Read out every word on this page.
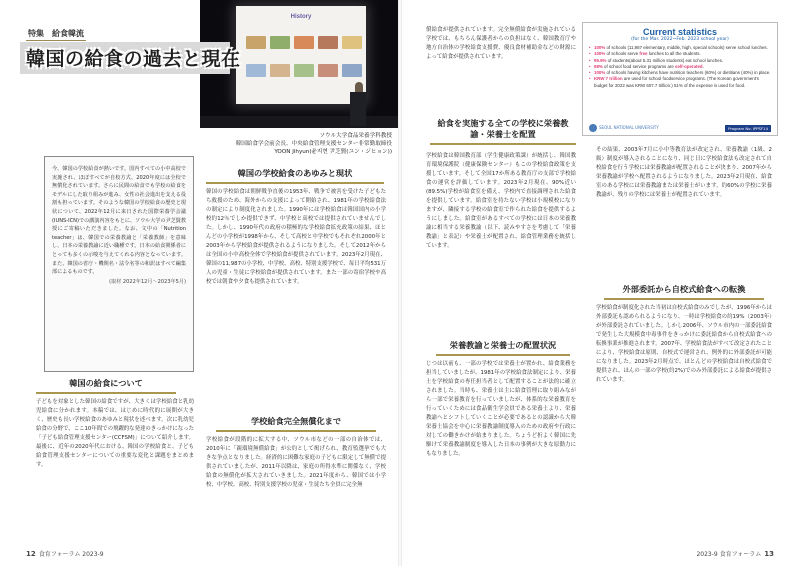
特集　給食韓流
韓国の給食の過去と現在
History
ソウル大学食品栄養学科教授
韓国給食学会前会長、中央給食管理支援センター非常勤取締役
YOON Jihyun(윤지현 尹芝賢(ユン・ジヒョン))
今、韓国の学校給食が熱いです。国内すべての小中高校で実施され、ほぼすべてが自校方式、2020年度には全校で無償化されています。さらに民間の給食でも学校の給食をモデルにした取り組みが進み、女性の社会進出を支える役割も担っています。そのような韓国の学校給食の歴史と現状について、2022年12月に来日された国際栄養学会議(IUNS-ICN)での講演内容をもとに、ソウル大学の尹芝賢教授にご寄稿いただきました。なお、文中の「Nutrition teacher」は、韓国での栄養教諭と「栄養教師」を意味し、日本の栄養教諭に近い職種です。日本の給食関係者にとっても多くの示唆を与えてくれる内容となっています。また、韓国の省庁・機関名・法令名等の和訳はすべて編集部によるものです。
(取材 2022年12月〜2023年5月)
韓国の給食について
子どもを対象とした韓国の給食ですが、大きくは学校給食と乳幼児給食に分かれます。本稿では、はじめに時代的に展開が大きく、歴史も長い学校給食のあゆみと現状を述べます。次に乳幼児給食の分野で、ここ10年間での飛躍的な発達のきっかけになった「子ども給食管理支援センター(CCFSM)」について紹介します。最後に、近年の2020年代における、韓国の学校給食と、子ども給食管理支援センターについての重要な変化と課題をまとめます。
韓国の学校給食のあゆみと現状
韓国の学校給食は朝鮮戦争直後の1953年、戦争で被害を受けた子どもたち救援のため、海外からの支援によって開始され、1981年の学校給食法の制定により制度化されました。1990年には学校給食は韓国国内の小学校約12％でしか提供できず、中学校と高校では提供されていませんでした。しかし、1990年代の政府の積極的な学校給食拡充政策の結果、ほとんどの小学校が1998年から、そして高校と中学校でもそれぞれ2000年と2003年から学校給食が提供されるようになりました。そして2012年からは全国の小中高校全体で学校給食が提供されています。2023年2月現在、韓国の11,987の小学校、中学校、高校、特別支援学校で、毎日平均531万人の児童・生徒に学校給食が提供されています。また一部の寄宿学校や高校では朝食や夕食も提供されています。
学校給食完全無償化まで
学校給食が段階的に拡大する中、ソウル市などの一部の自治体では、2010年に「親環境無償給食」が公約として掲げられ、教育監選挙でも大きな争点となりました。経済的に困難な家庭の子どもに限定して無償で提供されていましたが、2011年以降は、家庭の所得水準に関係なく、学校給食の無償化が拡大されていきました。2021年度から、韓国では小学校、中学校、高校、特別支援学校の児童・生徒たち全員に完全無
12 食育フォーラム 2023-9
償給食が提供されています。完全無償給食が実施されている学校では、もちろん保護者からの負担はなく、韓国教育庁や地方自治体の学校給食支援費、優良食材補助金などの財源によって給食が提供されています。
Current statistics
(for the Mar. 2022~Feb. 2023 school year)
• 100% of schools (11,987 elementary, middle, high, special schools) serve school lunches.
• 100% of schools serve free lunches to all the students.
• 99.9% of students(about 5.31 million students) eat school lunches.
• 98% of school food service programs are self-operated.
• 100% of schools having kitchens have nutrition teachers (60%) or dietitians (40%) in place.
• KRW 7 trillion are used for school foodservice programs. (The Korean government's budget for 2022 was KRW 607.7 trillion.) 51% of the expense is used for food.
SEOUL NATIONAL UNIVERSITY	Program No. IPPSF14
給食を実施する全ての学校に栄養教諭・栄養士を配置
学校給食は韓国教育部（学生健康政策課）が統括し、韓国教育環境保護院（健康保険センター）もこの学校給食政策を支援しています。そして全国17か所ある教育庁の支部で学校給食の運営を評価しています。2023年2月現在、90%近い(89.5%)学校が給食室を備え、学校内で直接調理された給食を提供しています。給食室を持たない学校は小規模校になりますが、隣接する学校の給食室で作られた給食を提供するようにしました。給食室があるすべての学校には日本の栄養教諭に相当する栄養教諭（以下、読みやすさを考慮して「栄養教諭」と表記）や栄養士が配置され、給食管理業務を統括しています。
栄養教諭と栄養士の配置状況
じつは以前も、一部の学校では栄養士が置かれ、給食業務を担当していましたが、1981年の学校給食法制定により、栄養士を学校給食の専任担当者として配置することが法的に確立されました。当時も、栄養士は主に給食管理に取り組みながら一部で栄養教育を行っていましたが、体系的な栄養教育を行っていくためには食品衛生学会員である栄養士より、栄養教諭へとシフトしていくことが必要であるとの認識から大韓栄養士協会を中心に栄養教諭制度導入のための政府や行政に対しての働きかけが始まりました。ちょうど折よく韓国に先駆けて栄養教諭制度を導入した日本の事例が大きな原動力にもなりました。
その結果、2003年7月に小中等教育法が改定され、栄養教諭（1級、2級）制度が導入されることになり、同じ日に学校給食法も改定されて自校給食を行う学校には栄養教諭が配置されることが決まり、2007年から栄養教諭が学校へ配置されるようになりました。2023年2月現在、給食室のある学校には栄養教諭または栄養士がいます。約60%の学校に栄養教諭が、残りの学校には栄養士が配置されています。
外部委託から自校式給食への転換
学校給食が制度化された当初は自校式給食のみでしたが、1996年からは外部委託も認められるようになり、一時は学校給食の約19%（2003年）が外部委託されていました。しかし2006年、ソウル市内の一部委託給食で発生した大規模食中毒事件をきっかけに委託給食から自校式給食への転換事業が推進されます。2007年、学校給食法がすべて改定されたことにより、学校給食は原則、自校式で運営され、例外的に外部委託が可能になりました。2023年2月時点で、ほとんどの学校給食は自校式給食で提供され、ほんの一部の学校(約2%)でのみ外部委託による給食が提供されています。
2023-9 食育フォーラム 13
